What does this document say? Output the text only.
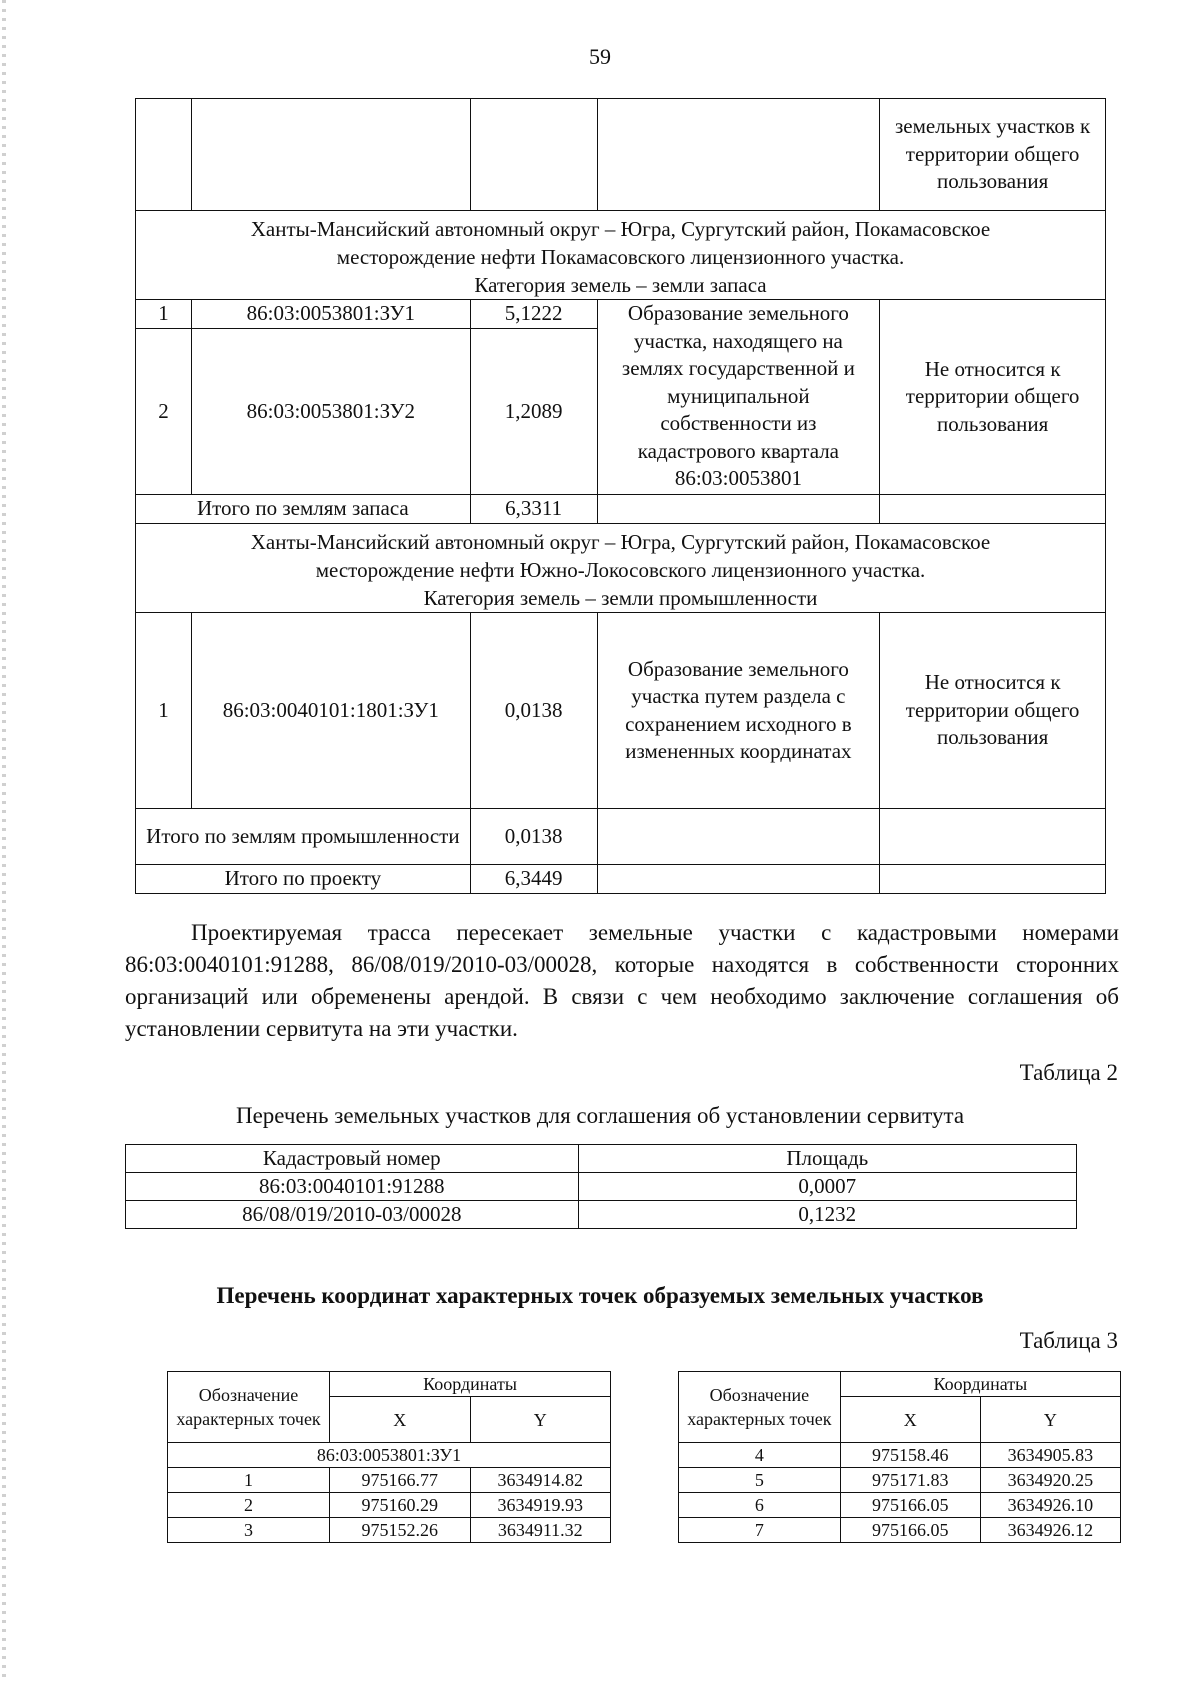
59
				земельных участков к территории общего пользования

Ханты-Мансийский автономный округ – Югра, Сургутский район, Покамасовское
месторождение нефти Покамасовского лицензионного участка.
Категория земель – земли запаса				

1	86:03:0053801:ЗУ1	5,1222	Образование земельного участка, находящего на землях государственной и муниципальной собственности из кадастрового квартала 86:03:0053801	Не относится к территории общего пользования
2	86:03:0053801:ЗУ2	1,2089		
Итого по землям запаса		6,3311		

Ханты-Мансийский автономный округ – Югра, Сургутский район, Покамасовское
месторождение нефти Южно-Локосовского лицензионного участка.
Категория земель – земли промышленности				

1	86:03:0040101:1801:ЗУ1	0,0138	Образование земельного участка путем раздела с сохранением исходного в измененных координатах	Не относится к территории общего пользования
Итого по землям промышленности		0,0138		
Итого по проекту		6,3449		

Проектируемая трасса пересекает земельные участки с кадастровыми номерами 86:03:0040101:91288, 86/08/019/2010-03/00028, которые находятся в собственности сторонних организаций или обременены арендой. В связи с чем необходимо заключение соглашения об установлении сервитута на эти участки.

Таблица 2
Перечень земельных участков для соглашения об установлении сервитута
Кадастровый номер	Площадь
86:03:0040101:91288	0,0007
86/08/019/2010-03/00028	0,1232
Перечень координат характерных точек образуемых земельных участков
Таблица 3
Обозначение характерных точек	Координаты	
	X	Y
86:03:0053801:ЗУ1		
1	975166.77	3634914.82
2	975160.29	3634919.93
3	975152.26	3634911.32
Обозначение характерных точек	Координаты	
	X	Y
4	975158.46	3634905.83
5	975171.83	3634920.25
6	975166.05	3634926.10
7	975166.05	3634926.12
